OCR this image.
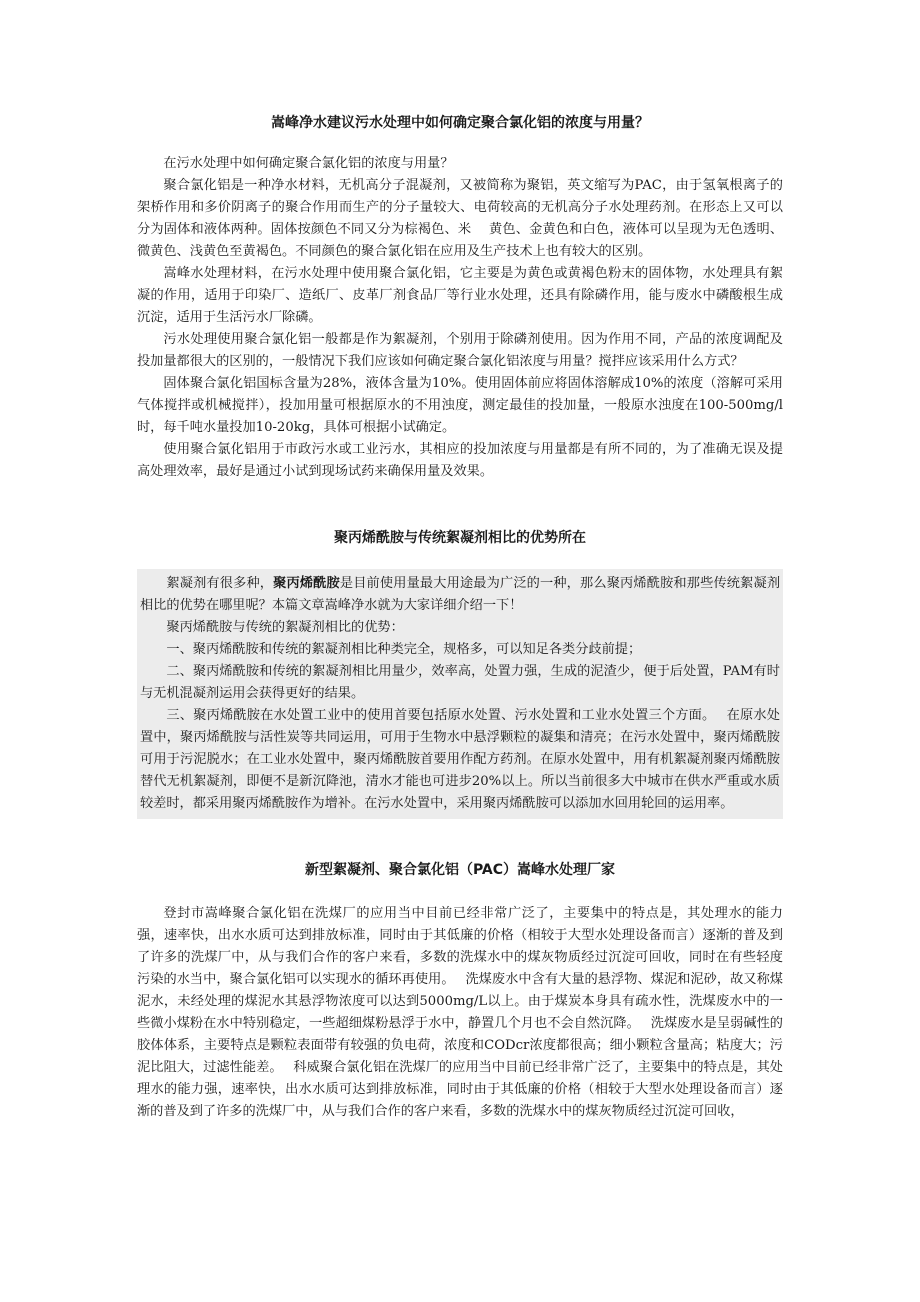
嵩峰净水建议污水处理中如何确定聚合氯化铝的浓度与用量？

在污水处理中如何确定聚合氯化铝的浓度与用量？

聚合氯化铝是一种净水材料，无机高分子混凝剂，又被简称为聚铝，英文缩写为PAC，由于氢氧根离子的架桥作用和多价阴离子的聚合作用而生产的分子量较大、电荷较高的无机高分子水处理药剂。在形态上又可以分为固体和液体两种。固体按颜色不同又分为棕褐色、米　 黄色、金黄色和白色，液体可以呈现为无色透明、微黄色、浅黄色至黄褐色。不同颜色的聚合氯化铝在应用及生产技术上也有较大的区别。

嵩峰水处理材料，在污水处理中使用聚合氯化铝，它主要是为黄色或黄褐色粉末的固体物，水处理具有絮凝的作用，适用于印染厂、造纸厂、皮革厂剂食品厂等行业水处理，还具有除磷作用，能与废水中磷酸根生成沉淀，适用于生活污水厂除磷。

污水处理使用聚合氯化铝一般都是作为絮凝剂，个别用于除磷剂使用。因为作用不同，产品的浓度调配及投加量都很大的区别的，一般情况下我们应该如何确定聚合氯化铝浓度与用量？搅拌应该采用什么方式？

固体聚合氯化铝国标含量为28%，液体含量为10%。使用固体前应将固体溶解成10%的浓度（溶解可采用气体搅拌或机械搅拌），投加用量可根据原水的不用浊度，测定最佳的投加量，一般原水浊度在100-500mg/l时，每千吨水量投加10-20kg，具体可根据小试确定。

使用聚合氯化铝用于市政污水或工业污水，其相应的投加浓度与用量都是有所不同的，为了准确无误及提高处理效率，最好是通过小试到现场试药来确保用量及效果。

聚丙烯酰胺与传统絮凝剂相比的优势所在

絮凝剂有很多种，聚丙烯酰胺是目前使用量最大用途最为广泛的一种，那么聚丙烯酰胺和那些传统絮凝剂相比的优势在哪里呢？本篇文章嵩峰净水就为大家详细介绍一下！

聚丙烯酰胺与传统的絮凝剂相比的优势：

一、聚丙烯酰胺和传统的絮凝剂相比种类完全，规格多，可以知足各类分歧前提；

二、聚丙烯酰胺和传统的絮凝剂相比用量少，效率高，处置力强，生成的泥渣少，便于后处置，PAM有时与无机混凝剂运用会获得更好的结果。

三、聚丙烯酰胺在水处置工业中的使用首要包括原水处置、污水处置和工业水处置三个方面。　 在原水处置中，聚丙烯酰胺与活性炭等共同运用，可用于生物水中悬浮颗粒的凝集和清亮；在污水处置中，聚丙烯酰胺可用于污泥脱水；在工业水处置中，聚丙烯酰胺首要用作配方药剂。在原水处置中，用有机絮凝剂聚丙烯酰胺替代无机絮凝剂，即便不是新沉降池，清水才能也可进步20%以上。所以当前很多大中城市在供水严重或水质较差时，都采用聚丙烯酰胺作为增补。在污水处置中，采用聚丙烯酰胺可以添加水回用轮回的运用率。

新型絮凝剂、聚合氯化铝（PAC）嵩峰水处理厂家

登封市嵩峰聚合氯化铝在洗煤厂的应用当中目前已经非常广泛了，主要集中的特点是，其处理水的能力强，速率快，出水水质可达到排放标准，同时由于其低廉的价格（相较于大型水处理设备而言）逐渐的普及到了许多的洗煤厂中，从与我们合作的客户来看，多数的洗煤水中的煤灰物质经过沉淀可回收，同时在有些轻度污染的水当中，聚合氯化铝可以实现水的循环再使用。　 洗煤废水中含有大量的悬浮物、煤泥和泥砂，故又称煤泥水，未经处理的煤泥水其悬浮物浓度可以达到5000mg/L以上。由于煤炭本身具有疏水性，洗煤废水中的一些微小煤粉在水中特别稳定，一些超细煤粉悬浮于水中，静置几个月也不会自然沉降。　 洗煤废水是呈弱碱性的胶体体系，主要特点是颗粒表面带有较强的负电荷，浓度和CODcr浓度都很高；细小颗粒含量高；粘度大；污泥比阻大，过滤性能差。　 科威聚合氯化铝在洗煤厂的应用当中目前已经非常广泛了，主要集中的特点是，其处理水的能力强，速率快，出水水质可达到排放标准，同时由于其低廉的价格（相较于大型水处理设备而言）逐渐的普及到了许多的洗煤厂中，从与我们合作的客户来看，多数的洗煤水中的煤灰物质经过沉淀可回收，
